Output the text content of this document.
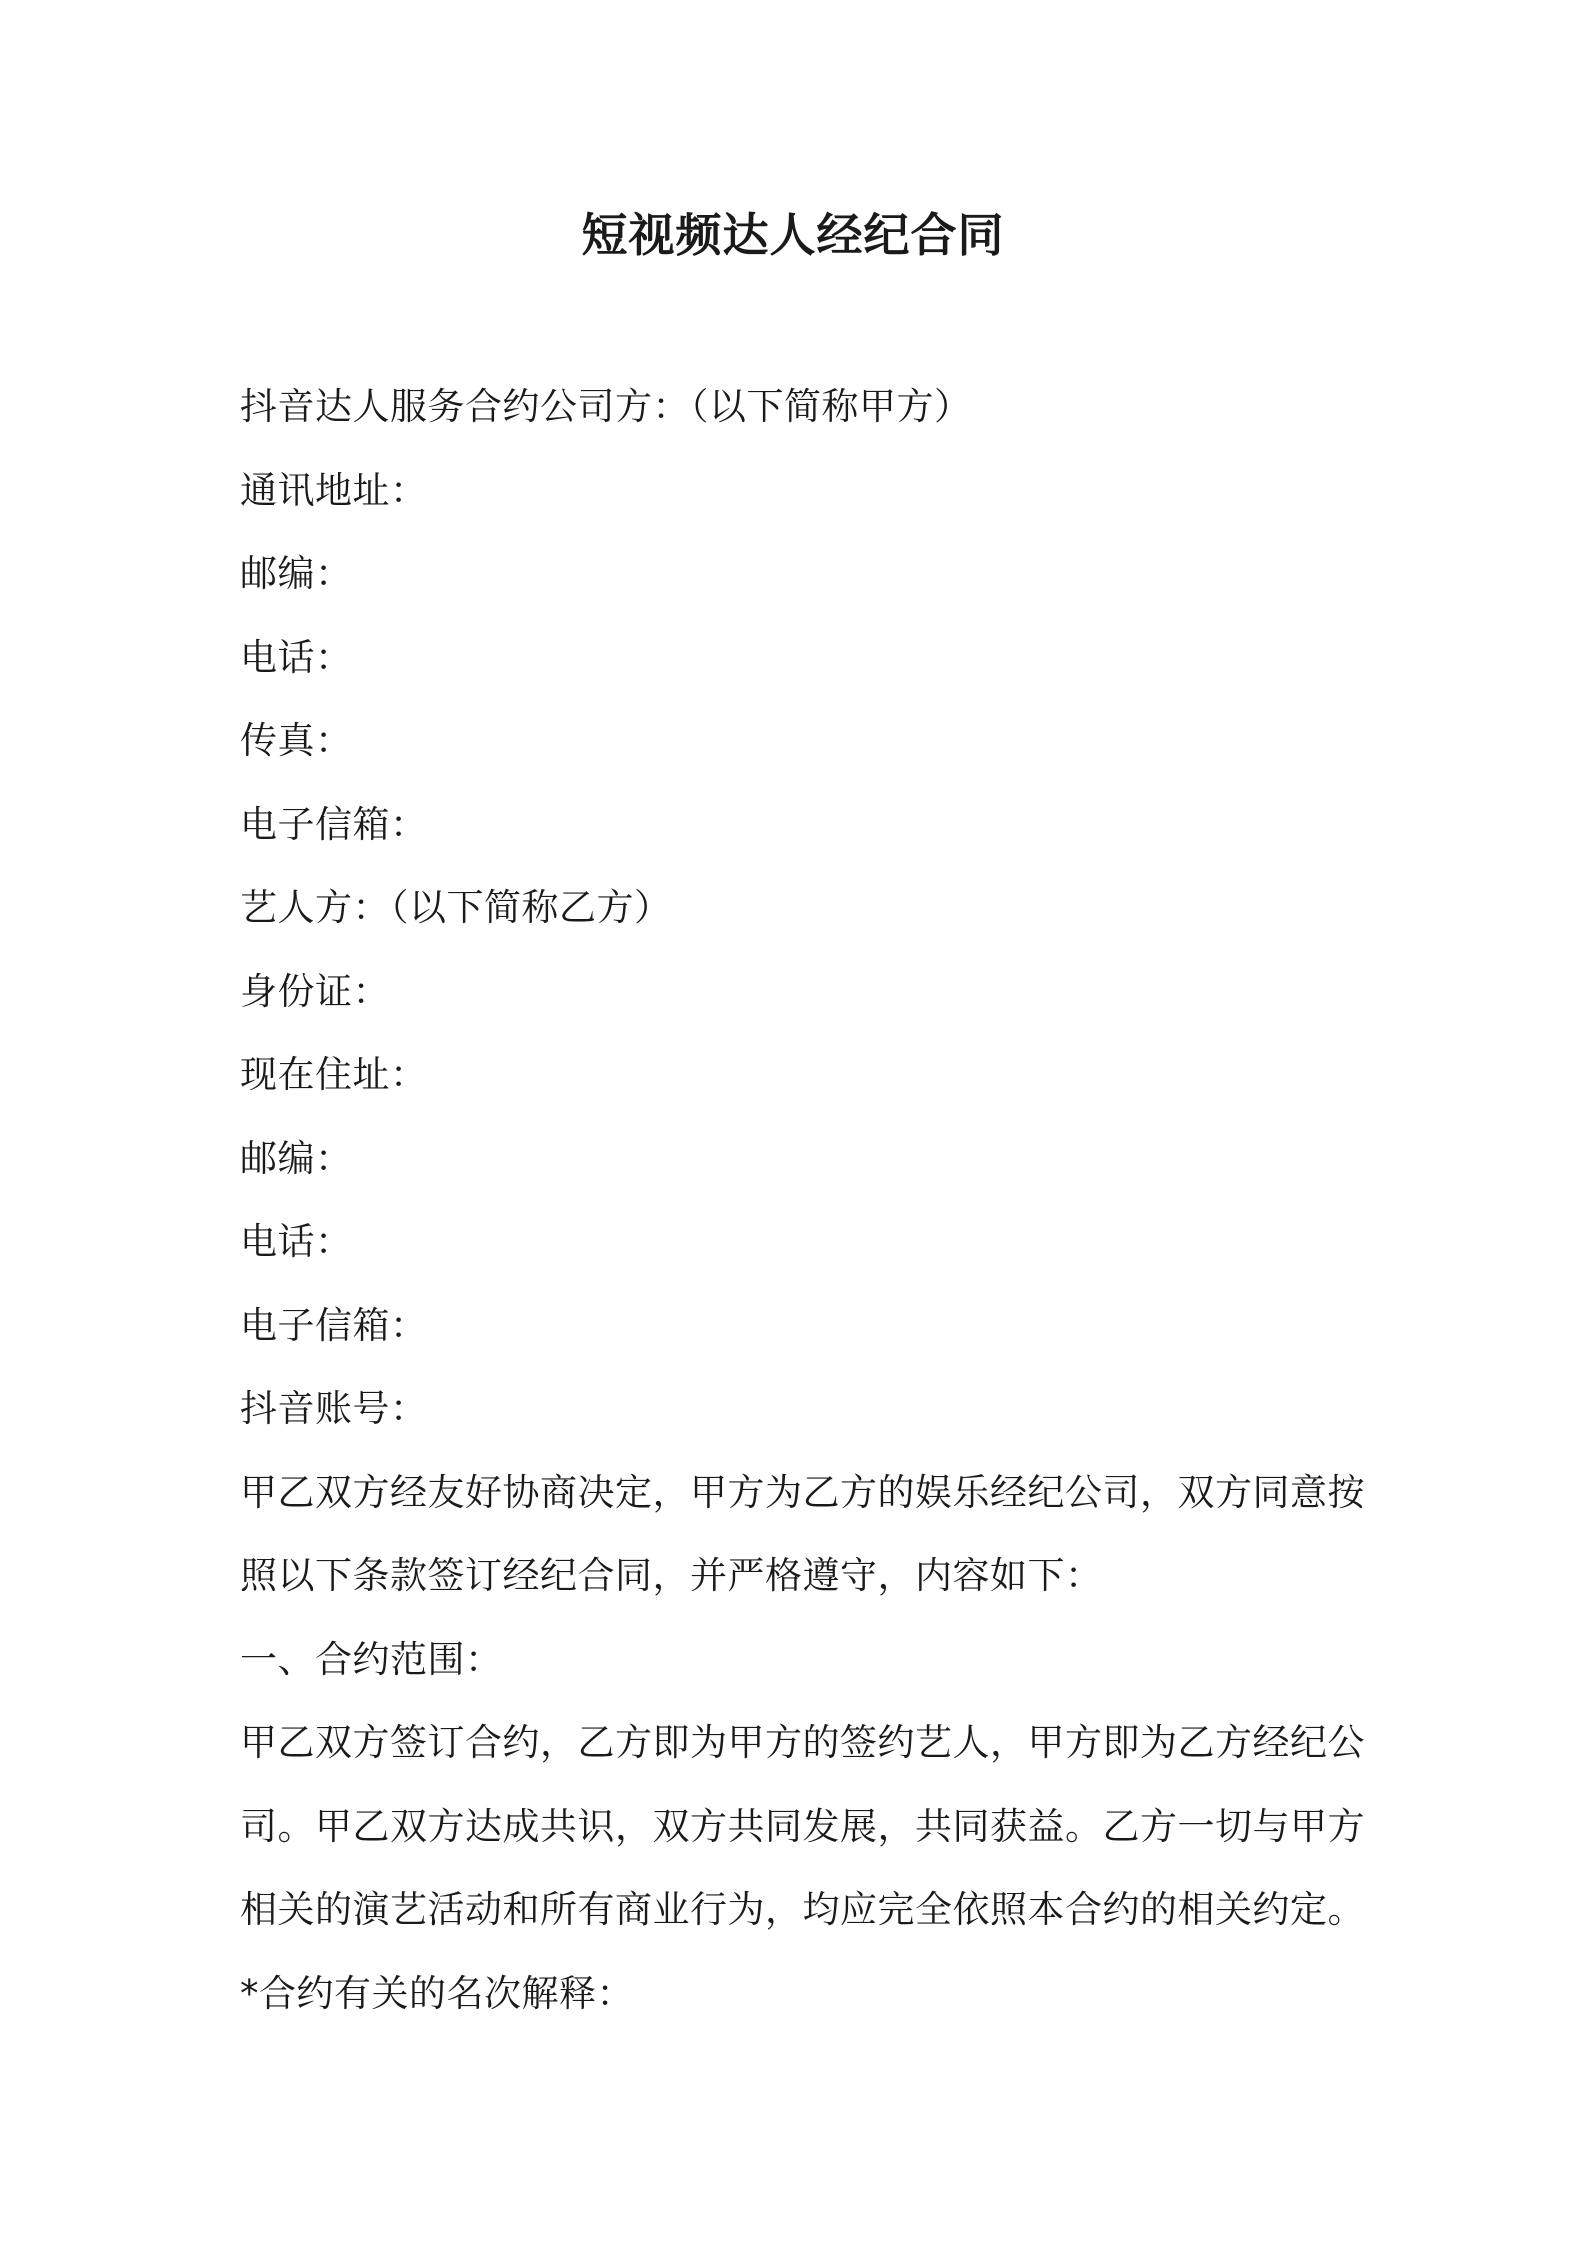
短视频达人经纪合同
抖音达人服务合约公司方：（以下简称甲方）
通讯地址：
邮编：
电话：
传真：
电子信箱：
艺人方：（以下简称乙方）
身份证：
现在住址：
邮编：
电话：
电子信箱：
抖音账号：
甲乙双方经友好协商决定，甲方为乙方的娱乐经纪公司，双方同意按
照以下条款签订经纪合同，并严格遵守，内容如下：
一、合约范围：
甲乙双方签订合约，乙方即为甲方的签约艺人，甲方即为乙方经纪公
司。甲乙双方达成共识，双方共同发展，共同获益。乙方一切与甲方
相关的演艺活动和所有商业行为，均应完全依照本合约的相关约定。
*合约有关的名次解释：
